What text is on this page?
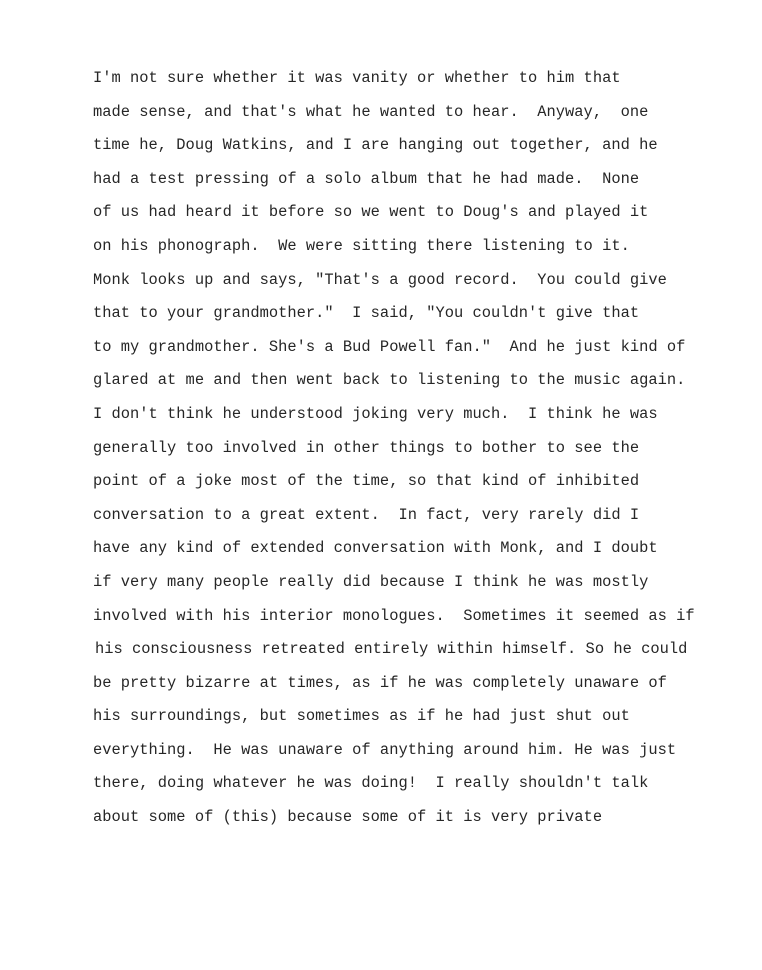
I'm not sure whether it was vanity or whether to him that
made sense, and that's what he wanted to hear.  Anyway,  one
time he, Doug Watkins, and I are hanging out together, and he
had a test pressing of a solo album that he had made.  None
of us had heard it before so we went to Doug's and played it
on his phonograph.  We were sitting there listening to it.
Monk looks up and says, "That's a good record.  You could give
that to your grandmother."  I said, "You couldn't give that
to my grandmother. She's a Bud Powell fan."  And he just kind of
glared at me and then went back to listening to the music again.
I don't think he understood joking very much.  I think he was
generally too involved in other things to bother to see the
point of a joke most of the time, so that kind of inhibited
conversation to a great extent.  In fact, very rarely did I
have any kind of extended conversation with Monk, and I doubt
if very many people really did because I think he was mostly
involved with his interior monologues.  Sometimes it seemed as if
his consciousness retreated entirely within himself. So he could
be pretty bizarre at times, as if he was completely unaware of
his surroundings, but sometimes as if he had just shut out
everything.  He was unaware of anything around him. He was just
there, doing whatever he was doing!  I really shouldn't talk
about some of (this) because some of it is very private
